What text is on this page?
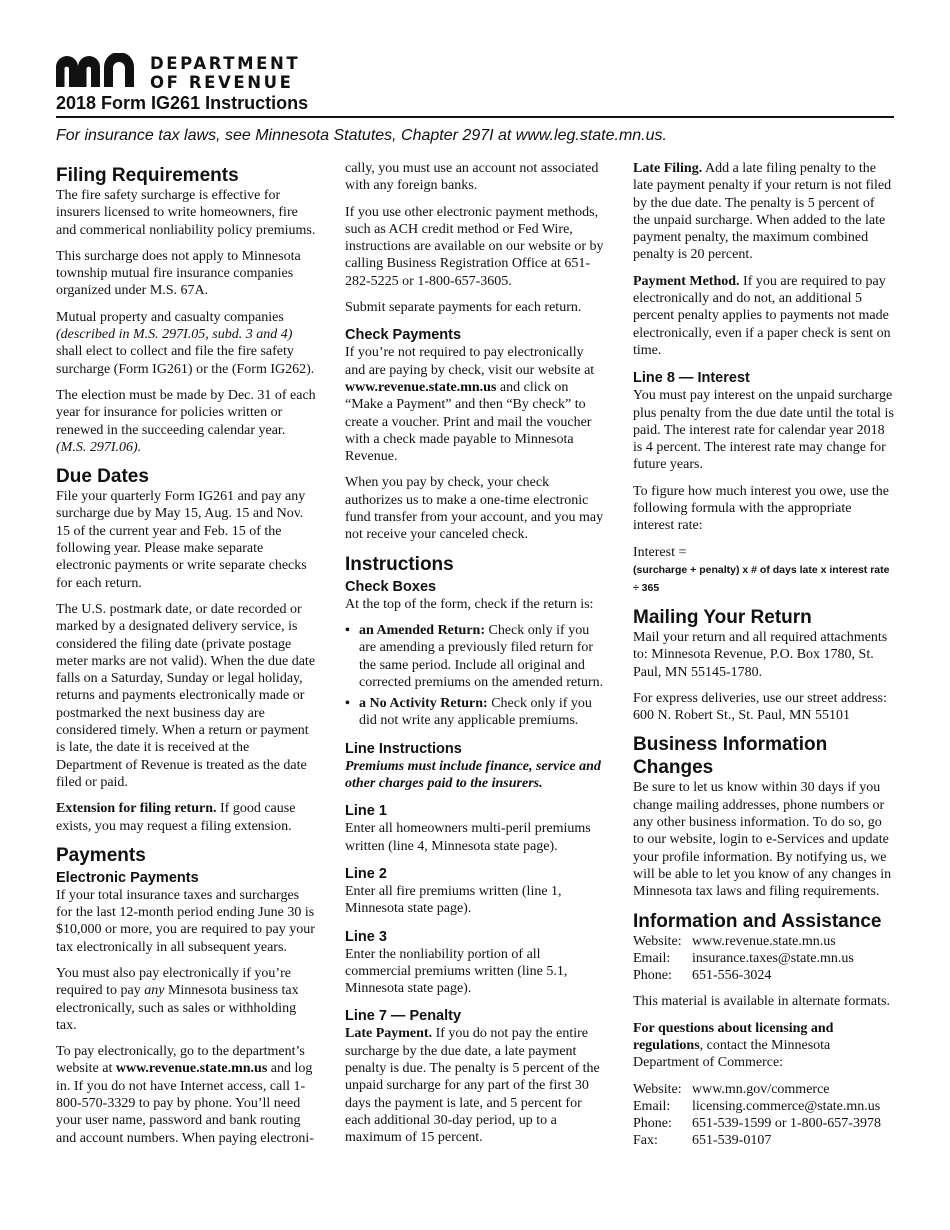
DEPARTMENT
OF REVENUE
2018 Form IG261 Instructions
For insurance tax laws, see Minnesota Statutes, Chapter 297I at www.leg.state.mn.us.
Filing Requirements

The fire safety surcharge is effective for insurers licensed to write homeowners, fire and commerical nonliability policy premiums.

This surcharge does not apply to Minnesota township mutual fire insurance companies organized under M.S. 67A.

Mutual property and casualty companies (described in M.S. 297I.05, subd. 3 and 4) shall elect to collect and file the fire safety surcharge (Form IG261) or the (Form IG262).

The election must be made by Dec. 31 of each year for insurance for policies written or renewed in the succeeding calendar year. (M.S. 297I.06).

Due Dates

File your quarterly Form IG261 and pay any surcharge due by May 15, Aug. 15 and Nov. 15 of the current year and Feb. 15 of the following year. Please make separate electronic payments or write separate checks for each return.

The U.S. postmark date, or date recorded or marked by a designated delivery service, is considered the filing date (private postage meter marks are not valid). When the due date falls on a Saturday, Sunday or legal holiday, returns and payments electronically made or postmarked the next business day are considered timely. When a return or payment is late, the date it is received at the Department of Revenue is treated as the date filed or paid.

Extension for filing return. If good cause exists, you may request a filing extension.

Payments
Electronic Payments

If your total insurance taxes and surcharges for the last 12-month period ending June 30 is $10,000 or more, you are required to pay your tax electronically in all subsequent years.

You must also pay electronically if you’re required to pay any Minnesota business tax electronically, such as sales or withholding tax.

To pay electronically, go to the department’s website at www.revenue.state.mn.us and log in. If you do not have Internet access, call 1-800-570-3329 to pay by phone. You’ll need your user name, password and bank routing and account numbers. When paying electroni-

cally, you must use an account not associated with any foreign banks.

If you use other electronic payment methods, such as ACH credit method or Fed Wire, instructions are available on our website or by calling Business Registration Office at 651-282-5225 or 1-800-657-3605.

Submit separate payments for each return.

Check Payments

If you’re not required to pay electronically and are paying by check, visit our website at www.revenue.state.mn.us and click on “Make a Payment” and then “By check” to create a voucher. Print and mail the voucher with a check made payable to Minnesota Revenue.

When you pay by check, your check authorizes us to make a one-time electronic fund transfer from your account, and you may not receive your canceled check.

Instructions
Check Boxes

At the top of the form, check if the return is:

• an Amended Return: Check only if you are amending a previously filed return for the same period. Include all original and corrected premiums on the amended return.
• a No Activity Return: Check only if you did not write any applicable premiums.
Line Instructions

Premiums must include finance, service and other charges paid to the insurers.

Line 1

Enter all homeowners multi-peril premiums written (line 4, Minnesota state page).

Line 2

Enter all fire premiums written (line 1, Minnesota state page).

Line 3

Enter the nonliability portion of all commercial premiums written (line 5.1, Minnesota state page).

Line 7 — Penalty

Late Payment. If you do not pay the entire surcharge by the due date, a late payment penalty is due. The penalty is 5 percent of the unpaid surcharge for any part of the first 30 days the payment is late, and 5 percent for each additional 30-day period, up to a maximum of 15 percent.

Late Filing. Add a late filing penalty to the late payment penalty if your return is not filed by the due date. The penalty is 5 percent of the unpaid surcharge. When added to the late payment penalty, the maximum combined penalty is 20 percent.

Payment Method. If you are required to pay electronically and do not, an additional 5 percent penalty applies to payments not made electronically, even if a paper check is sent on time.

Line 8 — Interest

You must pay interest on the unpaid surcharge plus penalty from the due date until the total is paid. The interest rate for calendar year 2018 is 4 percent. The interest rate may change for future years.

To figure how much interest you owe, use the following formula with the appropriate interest rate:

Interest =
(surcharge + penalty) x # of days late x interest rate ÷ 365

Mailing Your Return

Mail your return and all required attachments to: Minnesota Revenue, P.O. Box 1780, St. Paul, MN 55145-1780.

For express deliveries, use our street address: 600 N. Robert St., St. Paul, MN 55101

Business Information Changes

Be sure to let us know within 30 days if you change mailing addresses, phone numbers or any other business information. To do so, go to our website, login to e-Services and update your profile information. By notifying us, we will be able to let you know of any changes in Minnesota tax laws and filing requirements.

Information and Assistance
Website: www.revenue.state.mn.us
Email:	insurance.taxes@state.mn.us
Phone:	651-556-3024

This material is available in alternate formats.

For questions about licensing and regulations, contact the Minnesota Department of Commerce:

Website: www.mn.gov/commerce
Email:	licensing.commerce@state.mn.us
Phone:	651-539-1599 or 1-800-657-3978
Fax:	651-539-0107
